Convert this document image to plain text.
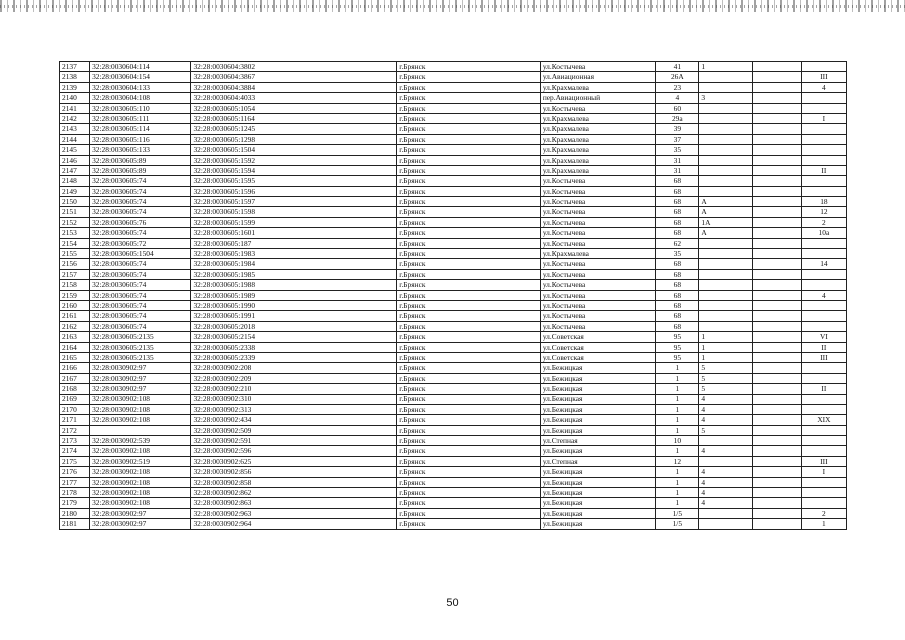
2137	32:28:0030604:114	32:28:0030604:3802	г.Брянск	ул.Костычева	41	1		
2138	32:28:0030604:154	32:28:0030604:3867	г.Брянск	ул.Авиационная	26А			III
2139	32:28:0030604:133	32:28:0030604:3884	г.Брянск	ул.Крахмалева	23			4
2140	32:28:0030604:108	32:28:0030604:4033	г.Брянск	пер.Авиационный	4	3		
2141	32:28:0030605:110	32:28:0030605:1054	г.Брянск	ул.Костычева	60			
2142	32:28:0030605:111	32:28:0030605:1164	г.Брянск	ул.Крахмалева	29а			I
2143	32:28:0030605:114	32:28:0030605:1245	г.Брянск	ул.Крахмалева	39			
2144	32:28:0030605:116	32:28:0030605:1298	г.Брянск	ул.Крахмалева	37			
2145	32:28:0030605:133	32:28:0030605:1504	г.Брянск	ул.Крахмалева	35			
2146	32:28:0030605:89	32:28:0030605:1592	г.Брянск	ул.Крахмалева	31			
2147	32:28:0030605:89	32:28:0030605:1594	г.Брянск	ул.Крахмалева	31			II
2148	32:28:0030605:74	32:28:0030605:1595	г.Брянск	ул.Костычева	68			
2149	32:28:0030605:74	32:28:0030605:1596	г.Брянск	ул.Костычева	68			
2150	32:28:0030605:74	32:28:0030605:1597	г.Брянск	ул.Костычева	68	А		18
2151	32:28:0030605:74	32:28:0030605:1598	г.Брянск	ул.Костычева	68	А		12
2152	32:28:0030605:76	32:28:0030605:1599	г.Брянск	ул.Костычева	68	1А		2
2153	32:28:0030605:74	32:28:0030605:1601	г.Брянск	ул.Костычева	68	А		10а
2154	32:28:0030605:72	32:28:0030605:187	г.Брянск	ул.Костычева	62			
2155	32:28:0030605:1504	32:28:0030605:1983	г.Брянск	ул.Крахмалева	35			
2156	32:28:0030605:74	32:28:0030605:1984	г.Брянск	ул.Костычева	68			14
2157	32:28:0030605:74	32:28:0030605:1985	г.Брянск	ул.Костычева	68			
2158	32:28:0030605:74	32:28:0030605:1988	г.Брянск	ул.Костычева	68			
2159	32:28:0030605:74	32:28:0030605:1989	г.Брянск	ул.Костычева	68			4
2160	32:28:0030605:74	32:28:0030605:1990	г.Брянск	ул.Костычева	68			
2161	32:28:0030605:74	32:28:0030605:1991	г.Брянск	ул.Костычева	68			
2162	32:28:0030605:74	32:28:0030605:2018	г.Брянск	ул.Костычева	68			
2163	32:28:0030605:2135	32:28:0030605:2154	г.Брянск	ул.Советская	95	1		VI
2164	32:28:0030605:2135	32:28:0030605:2338	г.Брянск	ул.Советская	95	1		II
2165	32:28:0030605:2135	32:28:0030605:2339	г.Брянск	ул.Советская	95	1		III
2166	32:28:0030902:97	32:28:0030902:208	г.Брянск	ул.Бежицкая	1	5		
2167	32:28:0030902:97	32:28:0030902:209	г.Брянск	ул.Бежицкая	1	5		
2168	32:28:0030902:97	32:28:0030902:210	г.Брянск	ул.Бежицкая	1	5		II
2169	32:28:0030902:108	32:28:0030902:310	г.Брянск	ул.Бежицкая	1	4		
2170	32:28:0030902:108	32:28:0030902:313	г.Брянск	ул.Бежицкая	1	4		
2171	32:28:0030902:108	32:28:0030902:434	г.Брянск	ул.Бежицкая	1	4		XIX
2172		32:28:0030902:509	г.Брянск	ул.Бежицкая	1	5		
2173	32:28:0030902:539	32:28:0030902:591	г.Брянск	ул.Степная	10			
2174	32:28:0030902:108	32:28:0030902:596	г.Брянск	ул.Бежицкая	1	4		
2175	32:28:0030902:519	32:28:0030902:625	г.Брянск	ул.Степная	12			III
2176	32:28:0030902:108	32:28:0030902:856	г.Брянск	ул.Бежицкая	1	4		I
2177	32:28:0030902:108	32:28:0030902:858	г.Брянск	ул.Бежицкая	1	4		
2178	32:28:0030902:108	32:28:0030902:862	г.Брянск	ул.Бежицкая	1	4		
2179	32:28:0030902:108	32:28:0030902:863	г.Брянск	ул.Бежицкая	1	4		
2180	32:28:0030902:97	32:28:0030902:963	г.Брянск	ул.Бежицкая	1/5			2
2181	32:28:0030902:97	32:28:0030902:964	г.Брянск	ул.Бежицкая	1/5			1
50
